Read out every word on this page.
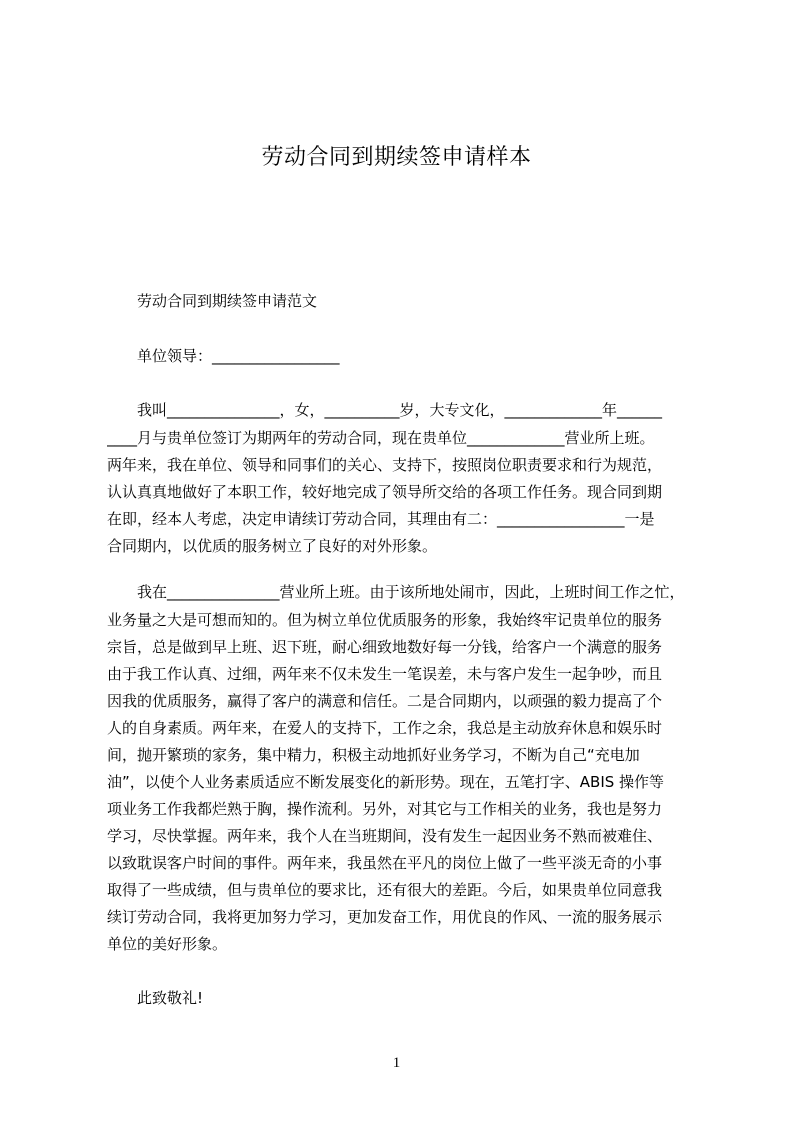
劳动合同到期续签申请样本
劳动合同到期续签申请范文
单位领导：_________________
我叫_______________，女，__________岁，大专文化，_____________年______
____月与贵单位签订为期两年的劳动合同，现在贵单位_____________营业所上班。
两年来，我在单位、领导和同事们的关心、支持下，按照岗位职责要求和行为规范，
认认真真地做好了本职工作，较好地完成了领导所交给的各项工作任务。现合同到期
在即，经本人考虑，决定申请续订劳动合同，其理由有二：_________________一是
合同期内，以优质的服务树立了良好的对外形象。
我在_______________营业所上班。由于该所地处闹市，因此，上班时间工作之忙，
业务量之大是可想而知的。但为树立单位优质服务的形象，我始终牢记贵单位的服务
宗旨，总是做到早上班、迟下班，耐心细致地数好每一分钱，给客户一个满意的服务
由于我工作认真、过细，两年来不仅未发生一笔误差，未与客户发生一起争吵，而且
因我的优质服务，赢得了客户的满意和信任。二是合同期内，以顽强的毅力提高了个
人的自身素质。两年来，在爱人的支持下，工作之余，我总是主动放弃休息和娱乐时
间，抛开繁琐的家务，集中精力，积极主动地抓好业务学习，不断为自己“充电加
油”，以使个人业务素质适应不断发展变化的新形势。现在，五笔打字、ABIS 操作等
项业务工作我都烂熟于胸，操作流利。另外，对其它与工作相关的业务，我也是努力
学习，尽快掌握。两年来，我个人在当班期间，没有发生一起因业务不熟而被难住、
以致耽误客户时间的事件。两年来，我虽然在平凡的岗位上做了一些平淡无奇的小事
取得了一些成绩，但与贵单位的要求比，还有很大的差距。今后，如果贵单位同意我
续订劳动合同，我将更加努力学习，更加发奋工作，用优良的作风、一流的服务展示
单位的美好形象。
此致敬礼!
1
